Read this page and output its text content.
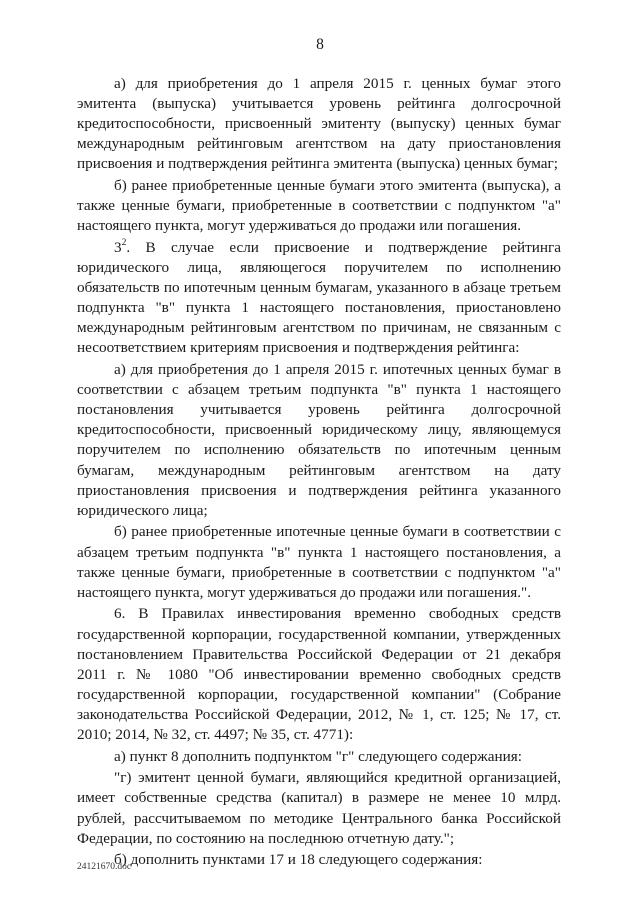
8

а) для приобретения до 1 апреля 2015 г. ценных бумаг этого эмитента (выпуска) учитывается уровень рейтинга долгосрочной кредитоспособности, присвоенный эмитенту (выпуску) ценных бумаг международным рейтинговым агентством на дату приостановления присвоения и подтверждения рейтинга эмитента (выпуска) ценных бумаг;

б) ранее приобретенные ценные бумаги этого эмитента (выпуска), а также ценные бумаги, приобретенные в соответствии с подпунктом "а" настоящего пункта, могут удерживаться до продажи или погашения.

$3^2$. В случае если присвоение и подтверждение рейтинга юридического лица, являющегося поручителем по исполнению обязательств по ипотечным ценным бумагам, указанного в абзаце третьем подпункта "в" пункта 1 настоящего постановления, приостановлено международным рейтинговым агентством по причинам, не связанным с несоответствием критериям присвоения и подтверждения рейтинга:

а) для приобретения до 1 апреля 2015 г. ипотечных ценных бумаг в соответствии с абзацем третьим подпункта "в" пункта 1 настоящего постановления учитывается уровень рейтинга долгосрочной кредитоспособности, присвоенный юридическому лицу, являющемуся поручителем по исполнению обязательств по ипотечным ценным бумагам, международным рейтинговым агентством на дату приостановления присвоения и подтверждения рейтинга указанного юридического лица;

б) ранее приобретенные ипотечные ценные бумаги в соответствии с абзацем третьим подпункта "в" пункта 1 настоящего постановления, а также ценные бумаги, приобретенные в соответствии с подпунктом "а" настоящего пункта, могут удерживаться до продажи или погашения.".

6. В Правилах инвестирования временно свободных средств государственной корпорации, государственной компании, утвержденных постановлением Правительства Российской Федерации от 21 декабря 2011 г. № 1080 "Об инвестировании временно свободных средств государственной корпорации, государственной компании" (Собрание законодательства Российской Федерации, 2012, № 1, ст. 125; № 17, ст. 2010; 2014, № 32, ст. 4497; № 35, ст. 4771):

а) пункт 8 дополнить подпунктом "г" следующего содержания:

"г) эмитент ценной бумаги, являющийся кредитной организацией, имеет собственные средства (капитал) в размере не менее 10 млрд. рублей, рассчитываемом по методике Центрального банка Российской Федерации, по состоянию на последнюю отчетную дату.";

б) дополнить пунктами 17 и 18 следующего содержания:

24121670.doc
